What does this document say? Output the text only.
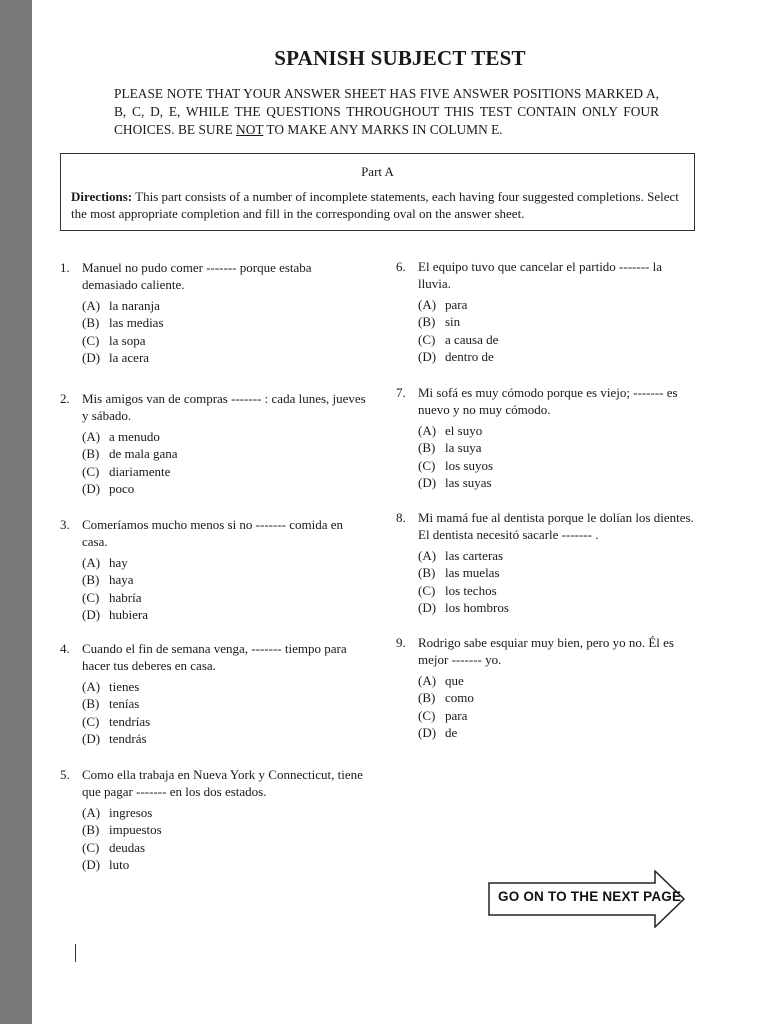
SPANISH SUBJECT TEST
PLEASE NOTE THAT YOUR ANSWER SHEET HAS FIVE ANSWER POSITIONS MARKED A, B, C, D, E, WHILE THE QUESTIONS THROUGHOUT THIS TEST CONTAIN ONLY FOUR CHOICES. BE SURE NOT TO MAKE ANY MARKS IN COLUMN E.
Part A
Directions: This part consists of a number of incomplete statements, each having four suggested completions. Select the most appropriate completion and fill in the corresponding oval on the answer sheet.
1. Manuel no pudo comer ------- porque estaba demasiado caliente.
(A) la naranja
(B) las medias
(C) la sopa
(D) la acera
2. Mis amigos van de compras ------- : cada lunes, jueves y sábado.
(A) a menudo
(B) de mala gana
(C) diariamente
(D) poco
3. Comeríamos mucho menos si no ------- comida en casa.
(A) hay
(B) haya
(C) habría
(D) hubiera
4. Cuando el fin de semana venga, ------- tiempo para hacer tus deberes en casa.
(A) tienes
(B) tenías
(C) tendrías
(D) tendrás
5. Como ella trabaja en Nueva York y Connecticut, tiene que pagar ------- en los dos estados.
(A) ingresos
(B) impuestos
(C) deudas
(D) luto
6. El equipo tuvo que cancelar el partido ------- la lluvia.
(A) para
(B) sin
(C) a causa de
(D) dentro de
7. Mi sofá es muy cómodo porque es viejo; ------- es nuevo y no muy cómodo.
(A) el suyo
(B) la suya
(C) los suyos
(D) las suyas
8. Mi mamá fue al dentista porque le dolían los dientes. El dentista necesitó sacarle ------- .
(A) las carteras
(B) las muelas
(C) los techos
(D) los hombros
9. Rodrigo sabe esquiar muy bien, pero yo no. Él es mejor ------- yo.
(A) que
(B) como
(C) para
(D) de
GO ON TO THE NEXT PAGE
